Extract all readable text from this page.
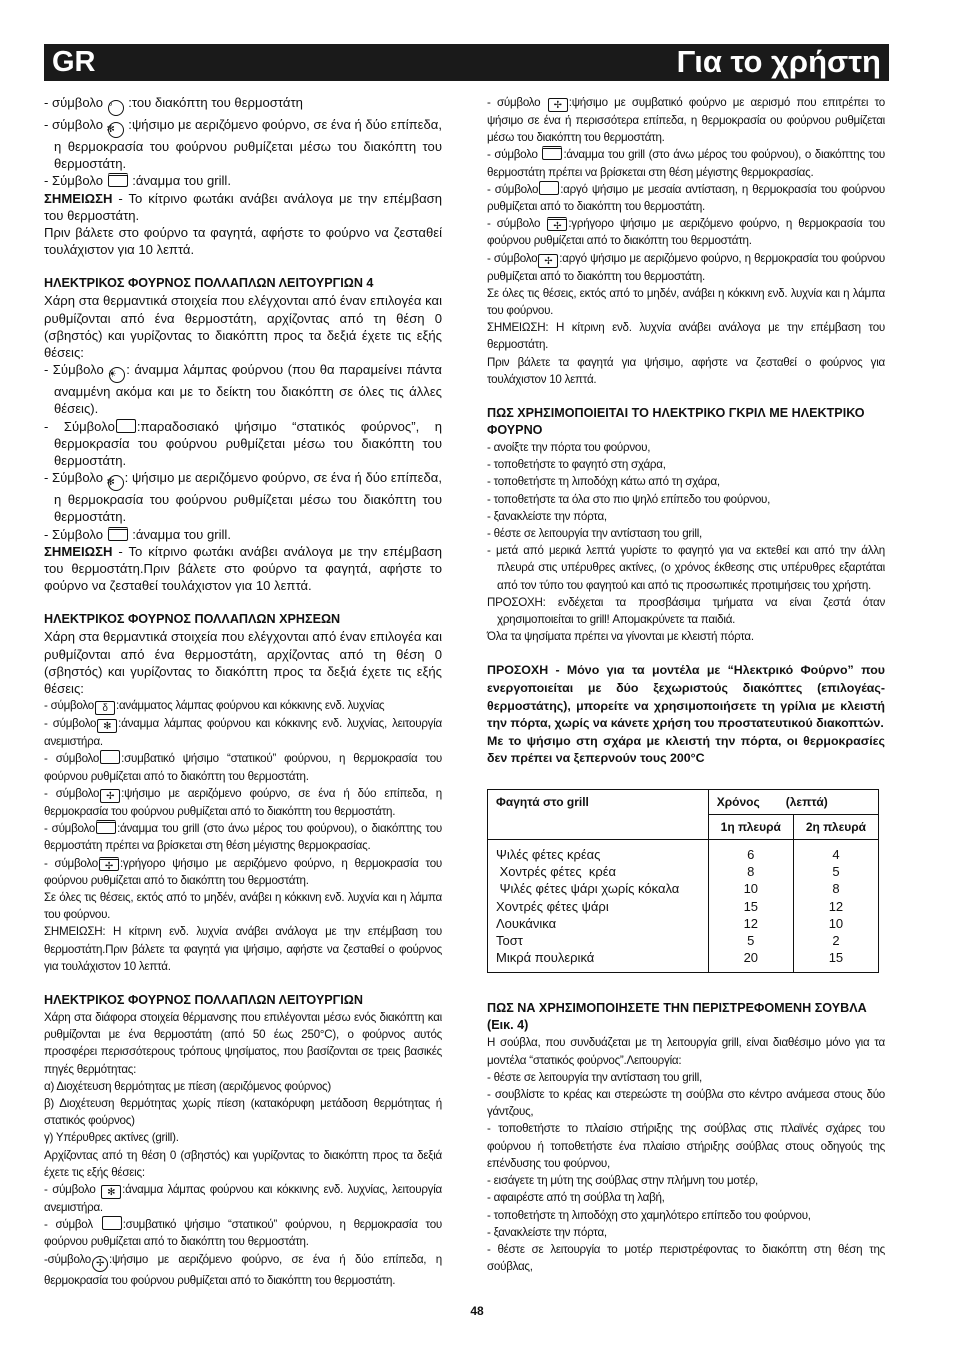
GR	Για το χρήστη

- σύμβολο ° :του διακόπτη του θερμοστάτη

- σύμβολο ✻ :ψήσιμο με αεριζόμενο φούρνο, σε ένα ή δύο επίπεδα, η θερμοκρασία του φούρνου ρυθμίζεται μέσω του διακόπτη του θερμοστάτη.

- Σύμβολο  :άναμμα του grill.

ΣΗΜΕΙΩΣΗ - Το κίτρινο φωτάκι ανάβει ανάλογα με την επέμβαση του θερμοστάτη.

Πριν βάλετε στο φούρνο τα φαγητά, αφήστε το φούρνο να ζεσταθεί τουλάχιστον για 10 λεπτά.

ΗΛΕΚΤΡΙΚΟΣ ΦΟΥΡΝΟΣ ΠΟΛΛΑΠΛΩΝ ΛΕΙΤΟΥΡΓΙΩΝ 4

Χάρη στα θερμαντικά στοιχεία που ελέγχονται από έναν επιλογέα και ρυθμίζονται από ένα θερμοστάτη, αρχίζοντας από τη θέση 0 (σβηστός) και γυρίζοντας το διακόπτη προς τα δεξιά έχετε τις εξής θέσεις:

- Σύμβολο ☀ : άναμμα λάμπας φούρνου (που θα παραμείνει πάντα αναμμένη ακόμα και με το δείκτη του διακόπτη σε όλες τις άλλες θέσεις).

- Σύμβολο :παραδοσιακό ψήσιμο “στατικός φούρνος”, η θερμοκρασία του φούρνου ρυθμίζεται μέσω του διακόπτη του θερμοστάτη.

- Σύμβολο ✻ : ψήσιμο με αεριζόμενο φούρνο, σε ένα ή δύο επίπεδα, η θερμοκρασία του φούρνου ρυθμίζεται μέσω του διακόπτη του θερμοστάτη.

- Σύμβολο  :άναμμα του grill.

ΣΗΜΕΙΩΣΗ - Το κίτρινο φωτάκι ανάβει ανάλογα με την επέμβαση του θερμοστάτη.Πριν βάλετε στο φούρνο τα φαγητά, αφήστε το φούρνο να ζεσταθεί τουλάχιστον για 10 λεπτά.

ΗΛΕΚΤΡΙΚΟΣ ΦΟΥΡΝΟΣ ΠΟΛΛΑΠΛΩΝ ΧΡΗΣΕΩΝ

Χάρη στα θερμαντικά στοιχεία που ελέγχονται από έναν επιλογέα και ρυθμίζονται από ένα θερμοστάτη, αρχίζοντας από τη θέση 0 (σβηστός) και γυρίζοντας το διακόπτη προς τα δεξιά έχετε τις εξής θέσεις:

- σύμβολο δ :ανάμματος λάμπας φούρνου και κόκκινης ενδ. λυχνίας

- σύμβολο ✻ :άναμμα λάμπας φούρνου και κόκκινης ενδ. λυχνίας, λειτουργία ανεμιστήρα.

- σύμβολο :συμβατικό ψήσιμο “στατικού” φούρνου, η θερμοκρασία του φούρνου ρυθμίζεται από το διακόπτη του θερμοστάτη.

- σύμβολο ✢ :ψήσιμο με αεριζόμενο φούρνο, σε ένα ή δύο επίπεδα, η θερμοκρασία του φούρνου ρυθμίζεται από το διακόπτη του θερμοστάτη.

- σύμβολο :άναμμα του grill (στο άνω μέρος του φούρνου), ο διακόπτης του θερμοστάτη πρέπει να βρίσκεται στη θέση μέγιστης θερμοκρασίας.

- σύμβολο ✢ :γρήγορο ψήσιμο με αεριζόμενο φούρνο, η θερμοκρασία του φούρνου ρυθμίζεται από το διακόπτη του θερμοστάτη.

Σε όλες τις θέσεις, εκτός από το μηδέν, ανάβει η κόκκινη ενδ. λυχνία και η λάμπα του φούρνου.

ΣΗΜΕΙΩΣΗ: Η κίτρινη ενδ. λυχνία ανάβει ανάλογα με την επέμβαση του θερμοστάτη.Πριν βάλετε τα φαγητά για ψήσιμο, αφήστε να ζεσταθεί ο φούρνος για τουλάχιστον 10 λεπτά.

ΗΛΕΚΤΡΙΚΟΣ ΦΟΥΡΝΟΣ ΠΟΛΛΑΠΛΩΝ ΛΕΙΤΟΥΡΓΙΩΝ

Χάρη στα διάφορα στοιχεία θέρμανσης που επιλέγονται μέσω ενός διακόπτη και ρυθμίζονται με ένα θερμοστάτη (από 50 έως 250°C), ο φούρνος αυτός προσφέρει περισσότερους τρόπους ψησίματος, που βασίζονται σε τρεις βασικές πηγές θερμότητας:

α) Διοχέτευση θερμότητας με πίεση (αεριζόμενος φούρνος)

β) Διοχέτευση θερμότητας χωρίς πίεση (κατακόρυφη μετάδοση θερμότητας ή στατικός φούρνος)

γ) Υπέρυθρες ακτίνες (grill).

Αρχίζοντας από τη θέση 0 (σβηστός) και γυρίζοντας το διακόπτη προς τα δεξιά έχετε τις εξής θέσεις:

- σύμβολο ✻ :άναμμα λάμπας φούρνου και κόκκινης ενδ. λυχνίας, λειτουργία ανεμιστήρα.

- σύμβολ :συμβατικό ψήσιμο “στατικού” φούρνου, η θερμοκρασία του φούρνου ρυθμίζεται από το διακόπτη του θερμοστάτη.

-σύμβολο ✢ :ψήσιμο με αεριζόμενο φούρνο, σε ένα ή δύο επίπεδα, η θερμοκρασία του φούρνου ρυθμίζεται από το διακόπτη του θερμοστάτη.

- σύμβολο ✢ :ψήσιμο με συμβατικό φούρνο με αερισμό που επιτρέπει το ψήσιμο σε ένα ή περισσότερα επίπεδα, η θερμοκρασία ου φούρνου ρυθμίζεται μέσω του διακόπτη του θερμοστάτη.

- σύμβολο :άναμμα του grill (στο άνω μέρος του φούρνου), ο διακόπτης του θερμοστάτη πρέπει να βρίσκεται στη θέση μέγιστης θερμοκρασίας.

- σύμβολο :αργό ψήσιμο με μεσαία αντίσταση, η θερμοκρασία του φούρνου ρυθμίζεται από το διακόπτη του θερμοστάτη.

- σύμβολο ✢ :γρήγορο ψήσιμο με αεριζόμενο φούρνο, η θερμοκρασία του φούρνου ρυθμίζεται από το διακόπτη του θερμοστάτη.

- σύμβολο ✢ :αργό ψήσιμο με αεριζόμενο φούρνο, η θερμοκρασία του φούρνου ρυθμίζεται από το διακόπτη του θερμοστάτη.

Σε όλες τις θέσεις, εκτός από το μηδέν, ανάβει η κόκκινη ενδ. λυχνία και η λάμπα του φούρνου.

ΣΗΜΕΙΩΣΗ: Η κίτρινη ενδ. λυχνία ανάβει ανάλογα με την επέμβαση του θερμοστάτη.

Πριν βάλετε τα φαγητά για ψήσιμο, αφήστε να ζεσταθεί ο φούρνος για τουλάχιστον 10 λεπτά.

ΠΩΣ ΧΡΗΣΙΜΟΠΟΙΕΙΤΑΙ ΤΟ ΗΛΕΚΤΡΙΚΟ ΓΚΡΙΛ ΜΕ ΗΛΕΚΤΡΙΚΟ ΦΟΥΡΝΟ

- ανοίξτε την πόρτα του φούρνου,

- τοποθετήστε το φαγητό στη σχάρα,

- τοποθετήστε τη λιποδόχη κάτω από τη σχάρα,

- τοποθετήστε τα όλα στο πιο ψηλό επίπεδο του φούρνου,

- ξανακλείστε την πόρτα,

- θέστε σε λειτουργία την αντίσταση του grill,

- μετά από μερικά λεπτά γυρίστε το φαγητό για να εκτεθεί και από την άλλη πλευρά στις υπέρυθρες ακτίνες, (ο χρόνος έκθεσης στις υπέρυθρες εξαρτάται από τον τύπο του φαγητού και από τις προσωπικές προτιμήσεις του χρήστη.

ΠΡΟΣΟΧΗ: ενδέχεται τα προσβάσιμα τμήματα να είναι ζεστά όταν χρησιμοποιείται το grill! Απομακρύνετε τα παιδιά.

Όλα τα ψησίματα πρέπει να γίνονται με κλειστή πόρτα.

ΠΡΟΣΟΧΗ - Μόνο για τα μοντέλα με “Ηλεκτρικό Φούρνο” που ενεργοποιείται με δύο ξεχωριστούς διακόπτες (επιλογέας-θερμοστάτης), μπορείτε να χρησιμοποιήσετε τη γρίλια με κλειστή την πόρτα, χωρίς να κάνετε χρήση του προστατευτικού διακοπτών.

Με το ψήσιμο στη σχάρα με κλειστή την πόρτα, οι θερμοκρασίες δεν πρέπει να ξεπερνούν τους 200°C

Φαγητά στο grill	Χρόνος (λεπτά)	
	1η πλευρά	2η πλευρά
Ψιλές φέτες κρέας	6	4
Χοντρές φέτες  κρέα	8	5
Ψιλές φέτες ψάρι χωρίς κόκαλα	10	8
Χοντρές φέτες ψάρι	15	12
Λουκάνικα	12	10
Τοστ	5	2
Μικρά πουλερικά	20	15

ΠΩΣ ΝΑ ΧΡΗΣΙΜΟΠΟΙΗΣΕΤΕ ΤΗΝ ΠΕΡΙΣΤΡΕΦΟΜΕΝΗ ΣΟΥΒΛΑ (Εικ. 4)

Η σούβλα, που συνδυάζεται με τη λειτουργία grill, είναι διαθέσιμο μόνο για τα μοντέλα “στατικός φούρνος”.Λειτουργία:

- θέστε σε λειτουργία την αντίσταση του grill,

- σουβλίστε το κρέας και στερεώστε τη σούβλα στο κέντρο ανάμεσα στους δύο γάντζους,

- τοποθετήστε το πλαίσιο στήριξης της σούβλας στις πλαϊνές σχάρες του φούρνου ή τοποθετήστε ένα πλαίσιο στήριξης σούβλας στους οδηγούς της επένδυσης του φούρνου,

- εισάγετε τη μύτη της σούβλας στην πλήμνη του μοτέρ,

- αφαιρέστε από τη σούβλα τη λαβή,

- τοποθετήστε τη λιποδόχη στο χαμηλότερο επίπεδο του φούρνου,

- ξανακλείστε την πόρτα,

- θέστε σε λειτουργία το μοτέρ περιστρέφοντας το διακόπτη στη θέση της σούβλας,

48
